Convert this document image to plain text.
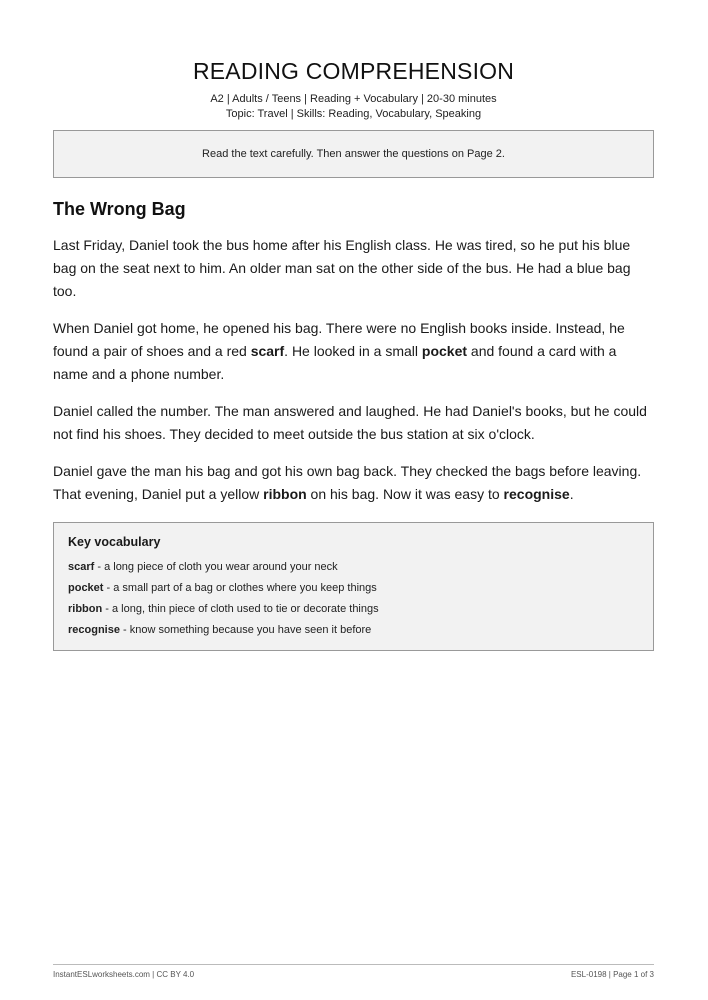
READING COMPREHENSION
A2 | Adults / Teens | Reading + Vocabulary | 20-30 minutes
Topic: Travel | Skills: Reading, Vocabulary, Speaking
Read the text carefully. Then answer the questions on Page 2.
The Wrong Bag

Last Friday, Daniel took the bus home after his English class. He was tired, so he put his blue bag on the seat next to him. An older man sat on the other side of the bus. He had a blue bag too.

When Daniel got home, he opened his bag. There were no English books inside. Instead, he found a pair of shoes and a red scarf. He looked in a small pocket and found a card with a name and a phone number.

Daniel called the number. The man answered and laughed. He had Daniel's books, but he could not find his shoes. They decided to meet outside the bus station at six o'clock.

Daniel gave the man his bag and got his own bag back. They checked the bags before leaving. That evening, Daniel put a yellow ribbon on his bag. Now it was easy to recognise.

Key vocabulary
scarf - a long piece of cloth you wear around your neck
pocket - a small part of a bag or clothes where you keep things
ribbon - a long, thin piece of cloth used to tie or decorate things
recognise - know something because you have seen it before
InstantESLworksheets.com | CC BY 4.0	ESL-0198 | Page 1 of 3
